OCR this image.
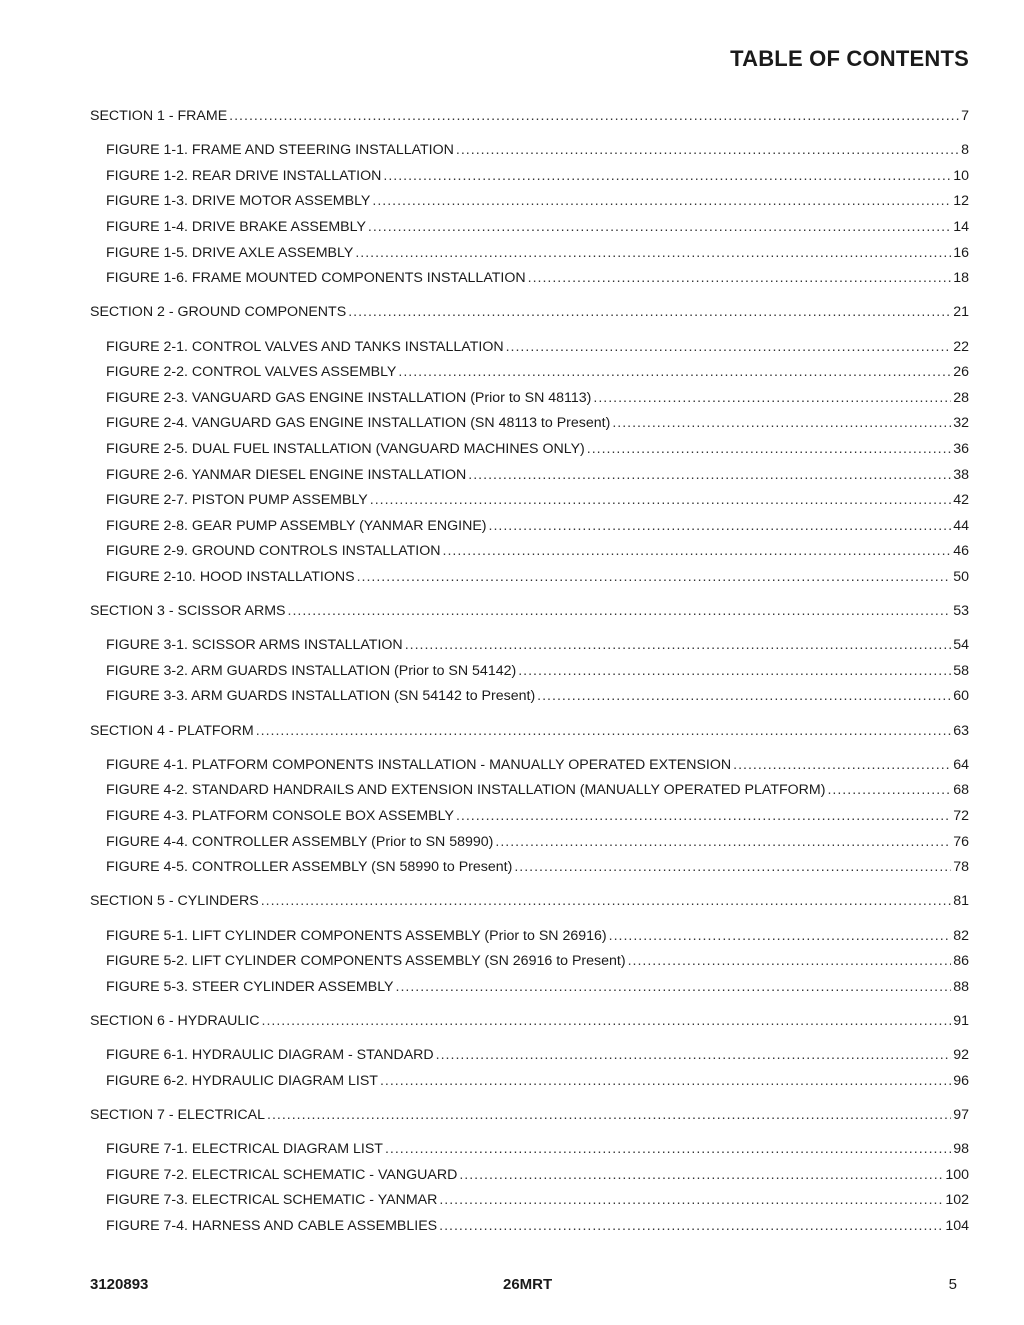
TABLE OF CONTENTS
SECTION 1 - FRAME .....	7
FIGURE 1-1. FRAME AND STEERING INSTALLATION .....	8
FIGURE 1-2. REAR DRIVE INSTALLATION .....	10
FIGURE 1-3. DRIVE MOTOR ASSEMBLY .....	12
FIGURE 1-4. DRIVE BRAKE ASSEMBLY .....	14
FIGURE 1-5. DRIVE AXLE ASSEMBLY .....	16
FIGURE 1-6. FRAME MOUNTED COMPONENTS INSTALLATION .....	18
SECTION 2 - GROUND COMPONENTS .....	21
FIGURE 2-1. CONTROL VALVES AND TANKS INSTALLATION .....	22
FIGURE 2-2. CONTROL VALVES ASSEMBLY .....	26
FIGURE 2-3. VANGUARD GAS ENGINE INSTALLATION (Prior to SN 48113) .....	28
FIGURE 2-4. VANGUARD GAS ENGINE INSTALLATION (SN 48113 to Present) .....	32
FIGURE 2-5. DUAL FUEL INSTALLATION (VANGUARD MACHINES ONLY) .....	36
FIGURE 2-6. YANMAR DIESEL ENGINE INSTALLATION .....	38
FIGURE 2-7. PISTON PUMP ASSEMBLY .....	42
FIGURE 2-8. GEAR PUMP ASSEMBLY (YANMAR ENGINE) .....	44
FIGURE 2-9. GROUND CONTROLS INSTALLATION .....	46
FIGURE 2-10. HOOD INSTALLATIONS .....	50
SECTION 3 - SCISSOR ARMS .....	53
FIGURE 3-1. SCISSOR ARMS INSTALLATION .....	54
FIGURE 3-2. ARM GUARDS INSTALLATION (Prior to SN 54142) .....	58
FIGURE 3-3. ARM GUARDS INSTALLATION (SN 54142 to Present) .....	60
SECTION 4 - PLATFORM .....	63
FIGURE 4-1. PLATFORM COMPONENTS INSTALLATION - MANUALLY OPERATED EXTENSION .....	64
FIGURE 4-2. STANDARD HANDRAILS AND EXTENSION INSTALLATION (MANUALLY OPERATED PLATFORM) .....	68
FIGURE 4-3. PLATFORM CONSOLE BOX ASSEMBLY .....	72
FIGURE 4-4. CONTROLLER ASSEMBLY (Prior to SN 58990) .....	76
FIGURE 4-5. CONTROLLER ASSEMBLY (SN 58990 to Present) .....	78
SECTION 5 - CYLINDERS .....	81
FIGURE 5-1. LIFT CYLINDER COMPONENTS ASSEMBLY (Prior to SN 26916) .....	82
FIGURE 5-2. LIFT CYLINDER COMPONENTS ASSEMBLY (SN 26916 to Present) .....	86
FIGURE 5-3. STEER CYLINDER ASSEMBLY .....	88
SECTION 6 - HYDRAULIC .....	91
FIGURE 6-1. HYDRAULIC DIAGRAM - STANDARD .....	92
FIGURE 6-2. HYDRAULIC DIAGRAM LIST .....	96
SECTION 7 - ELECTRICAL .....	97
FIGURE 7-1. ELECTRICAL DIAGRAM LIST .....	98
FIGURE 7-2. ELECTRICAL SCHEMATIC - VANGUARD .....	100
FIGURE 7-3. ELECTRICAL SCHEMATIC - YANMAR .....	102
FIGURE 7-4. HARNESS AND CABLE ASSEMBLIES .....	104
3120893	26MRT	5
